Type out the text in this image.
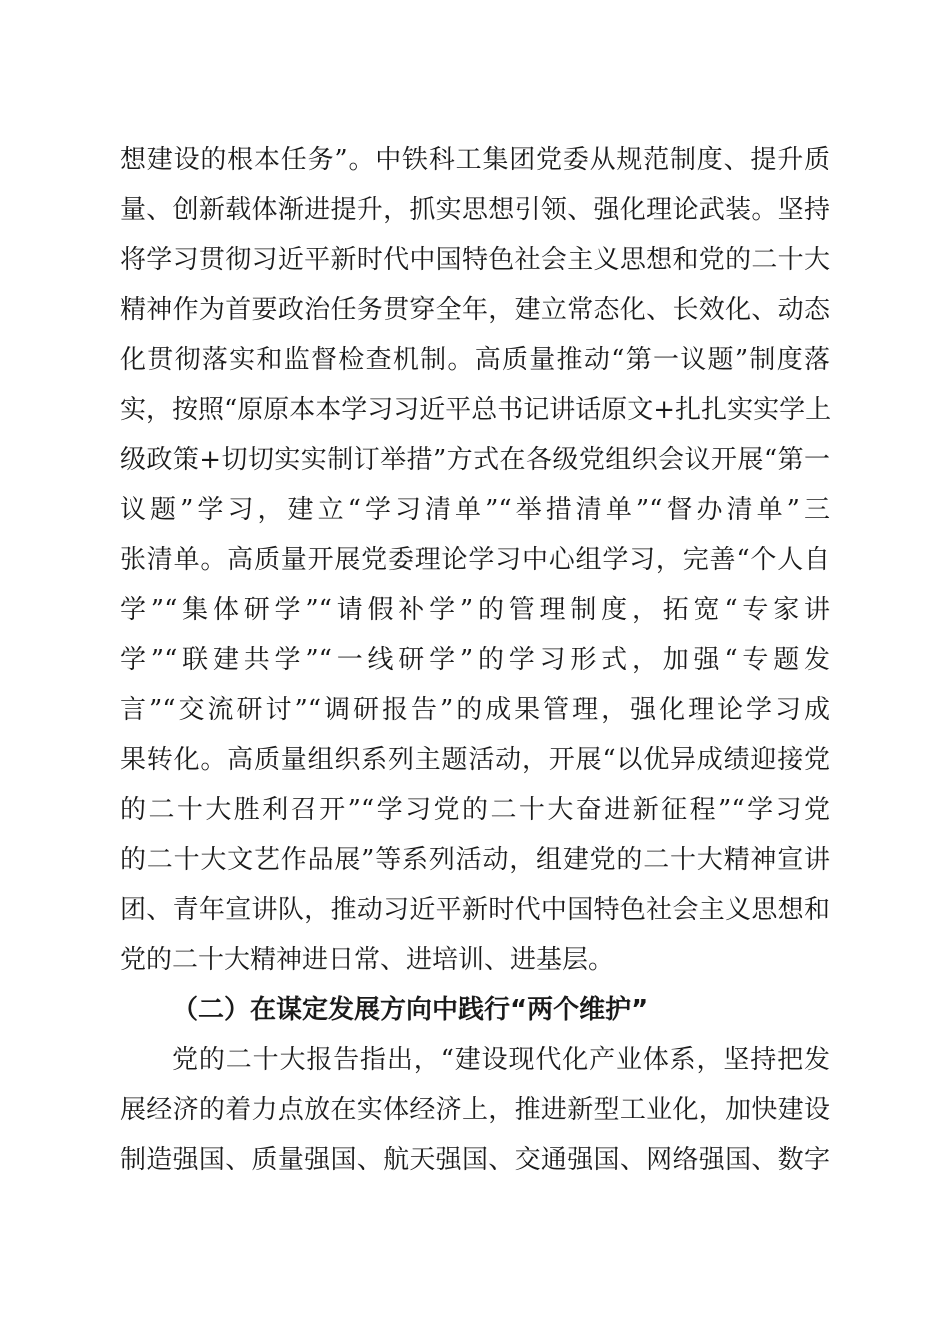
想建设的根本任务”。中铁科工集团党委从规范制度、提升质
量、创新载体渐进提升，抓实思想引领、强化理论武装。坚持
将学习贯彻习近平新时代中国特色社会主义思想和党的二十大
精神作为首要政治任务贯穿全年，建立常态化、长效化、动态
化贯彻落实和监督检查机制。高质量推动“第一议题”制度落
实，按照“原原本本学习习近平总书记讲话原文+扎扎实实学上
级政策+切切实实制订举措”方式在各级党组织会议开展“第一
议题”学习，建立“学习清单”“举措清单”“督办清单”三
张清单。高质量开展党委理论学习中心组学习，完善“个人自
学”“集体研学”“请假补学”的管理制度，拓宽“专家讲
学”“联建共学”“一线研学”的学习形式，加强“专题发
言”“交流研讨”“调研报告”的成果管理，强化理论学习成
果转化。高质量组织系列主题活动，开展“以优异成绩迎接党
的二十大胜利召开”“学习党的二十大奋进新征程”“学习党
的二十大文艺作品展”等系列活动，组建党的二十大精神宣讲
团、青年宣讲队，推动习近平新时代中国特色社会主义思想和
党的二十大精神进日常、进培训、进基层。
（二）在谋定发展方向中践行“两个维护”
党的二十大报告指出，“建设现代化产业体系，坚持把发
展经济的着力点放在实体经济上，推进新型工业化，加快建设
制造强国、质量强国、航天强国、交通强国、网络强国、数字
